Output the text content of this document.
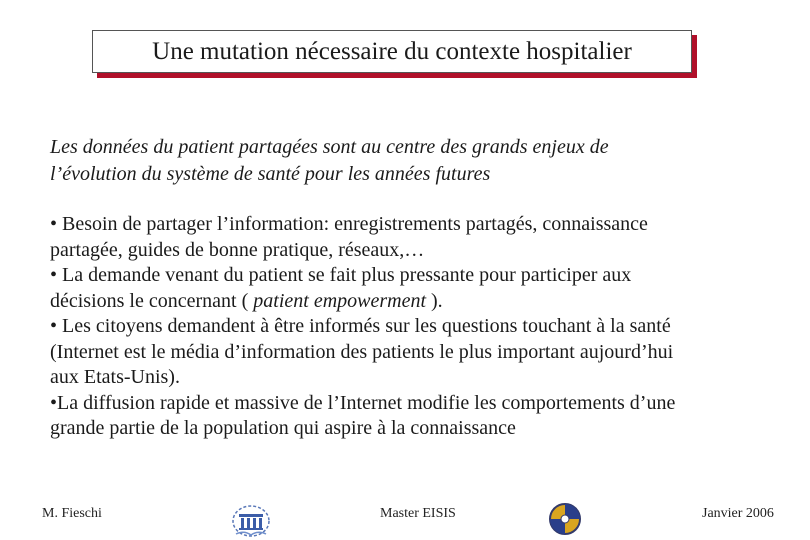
Une mutation nécessaire du contexte hospitalier
Les données du patient partagées sont au centre des grands enjeux de
l’évolution du système de santé pour les années futures
• Besoin de partager l’information: enregistrements partagés, connaissance
partagée, guides de bonne pratique, réseaux,…
• La demande venant du patient se fait plus pressante pour participer aux
décisions le concernant ( patient empowerment ).
• Les citoyens demandent à être informés sur les questions touchant à la santé
(Internet est le média d’information des patients le plus important aujourd’hui
aux Etats-Unis).
•La diffusion rapide et massive de l’Internet modifie les comportements d’une
grande partie de la population qui aspire à la connaissance
M. Fieschi	Master EISIS	Janvier 2006
